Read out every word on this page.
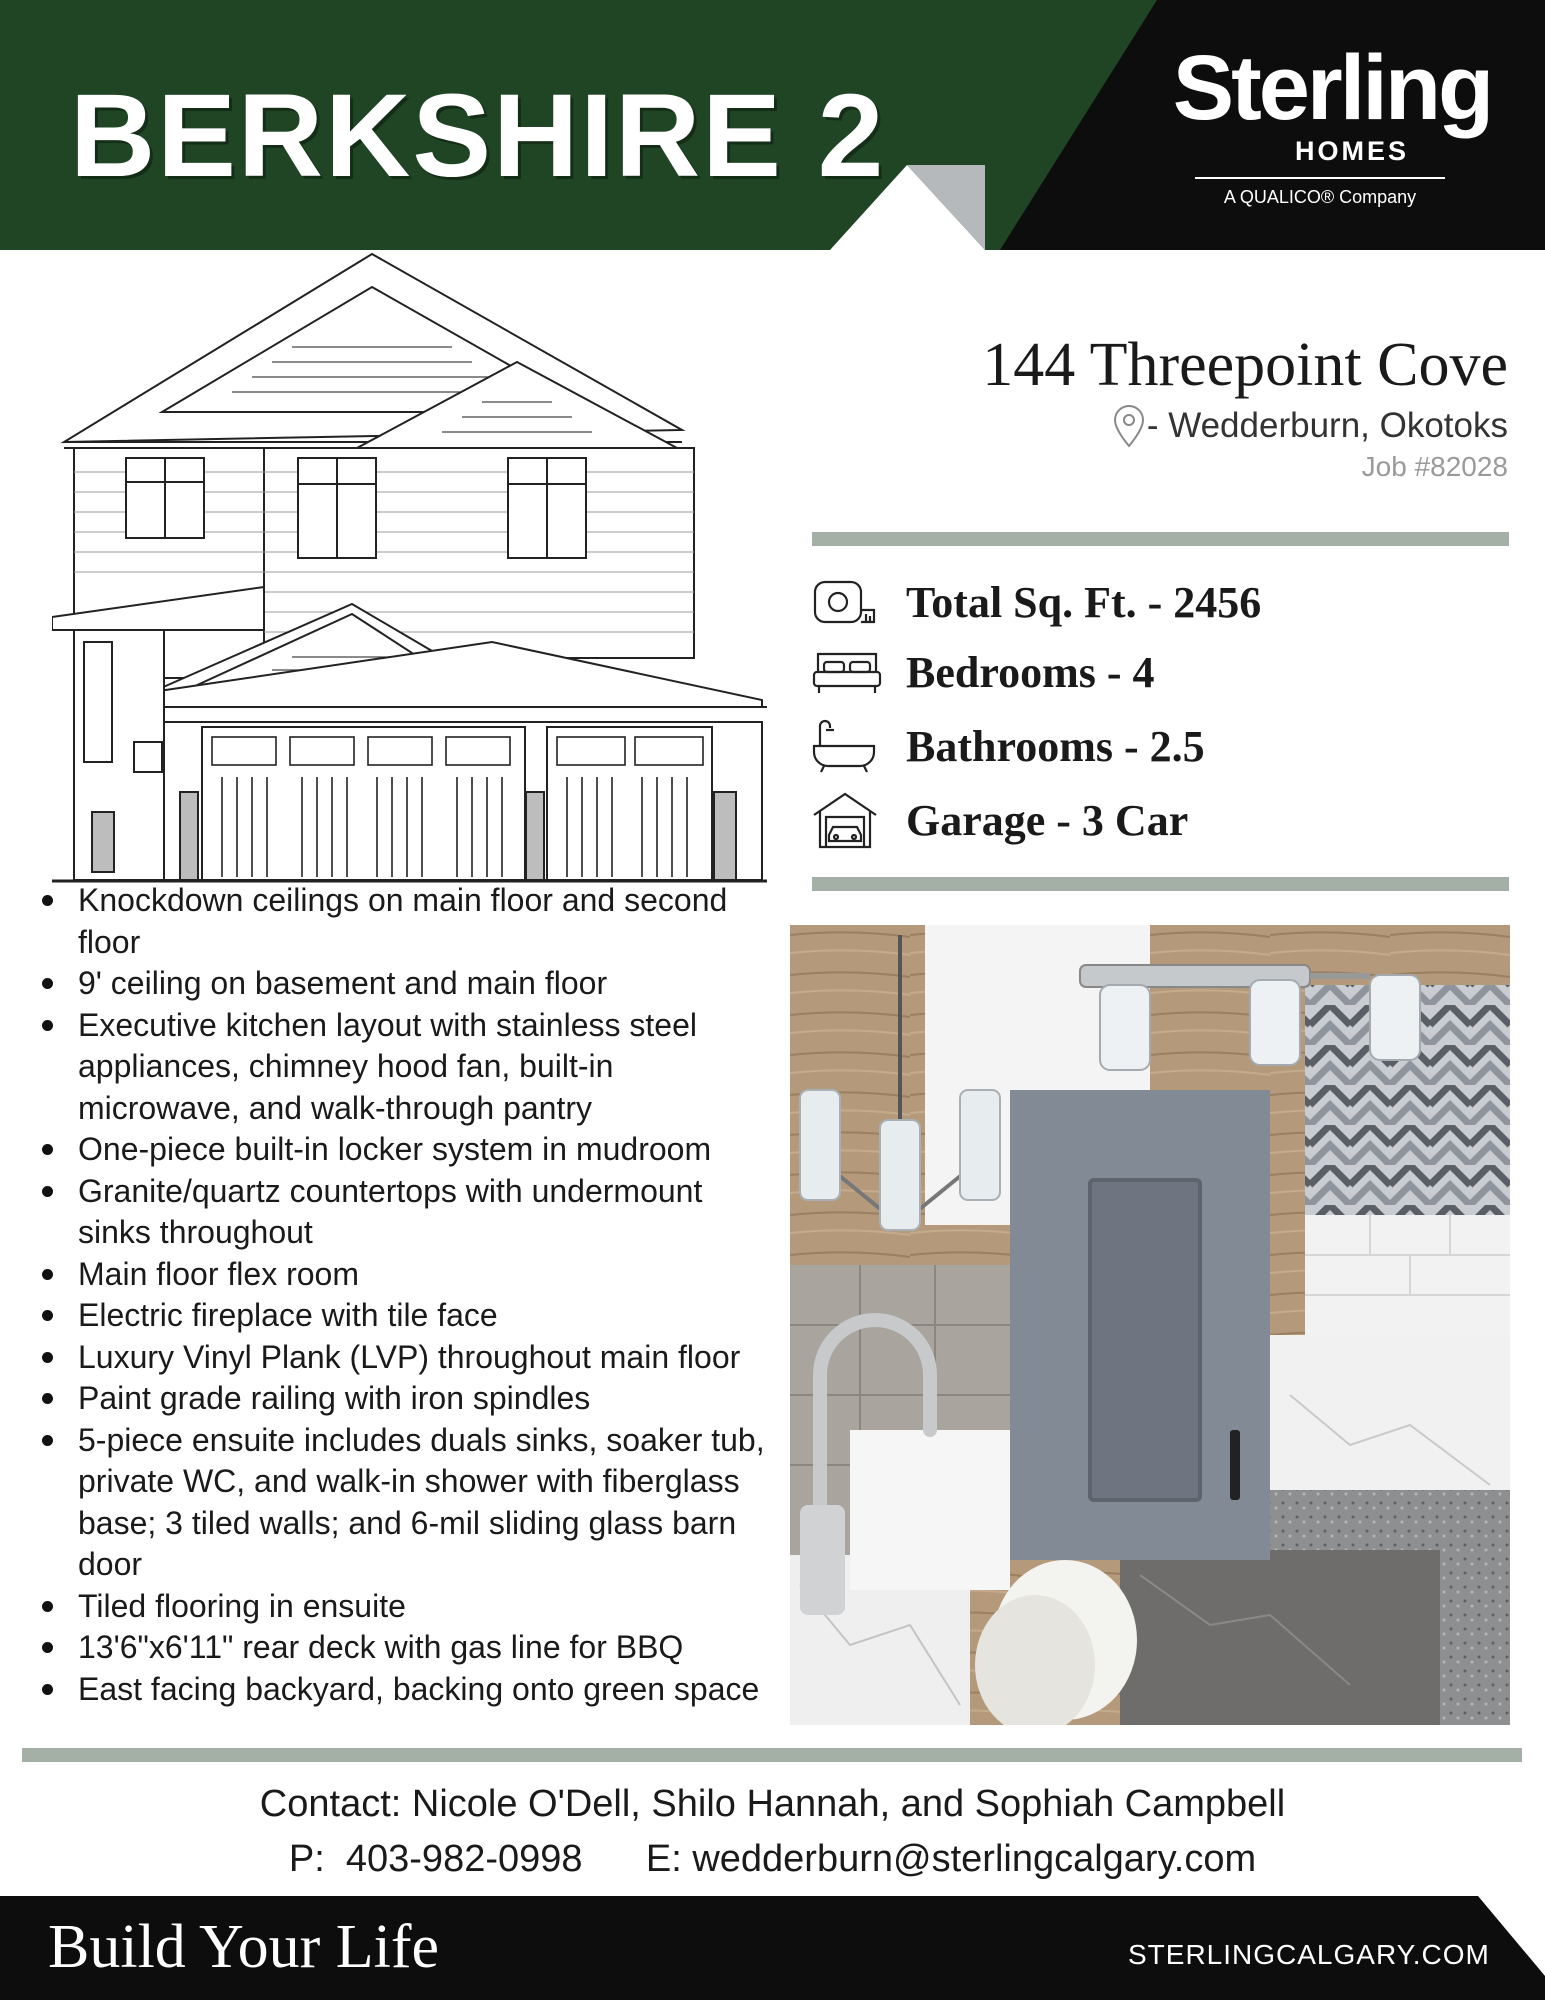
BERKSHIRE 2	Sterling
HOMES
A QUALICO® Company
144 Threepoint Cove
- Wedderburn, Okotoks
Job #82028
Total Sq. Ft. - 2456
Bedrooms - 4
Bathrooms - 2.5
Garage - 3 Car
Knockdown ceilings on main floor and second floor
9' ceiling on basement and main floor
Executive kitchen layout with stainless steel appliances, chimney hood fan, built-in microwave, and walk-through pantry
One-piece built-in locker system in mudroom
Granite/quartz countertops with undermount sinks throughout
Main floor flex room
Electric fireplace with tile face
Luxury Vinyl Plank (LVP) throughout main floor
Paint grade railing with iron spindles
5-piece ensuite includes duals sinks, soaker tub, private WC, and walk-in shower with fiberglass base; 3 tiled walls; and 6-mil sliding glass barn door
Tiled flooring in ensuite
13'6"x6'11" rear deck with gas line for BBQ
East facing backyard, backing onto green space
Contact: Nicole O'Dell, Shilo Hannah, and Sophiah Campbell
P:  403-982-0998      E: wedderburn@sterlingcalgary.com
Build Your Life	STERLINGCALGARY.COM
